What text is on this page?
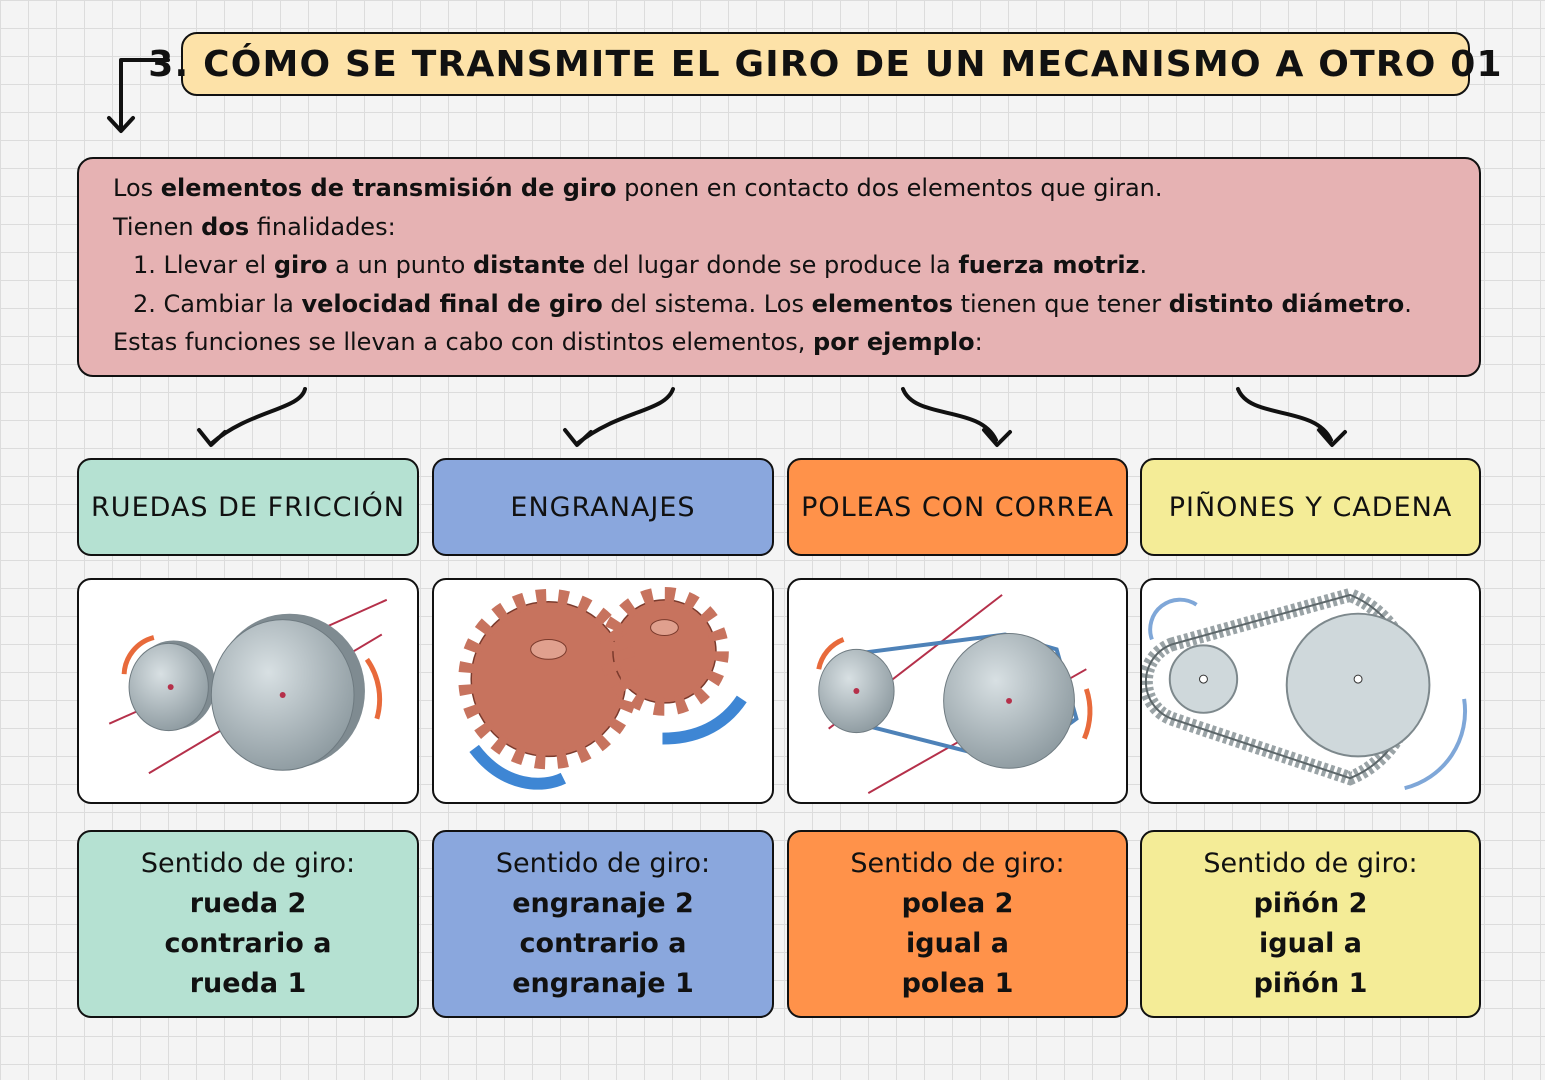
3. CÓMO SE TRANSMITE EL GIRO DE UN MECANISMO A OTRO 01

Los elementos de transmisión de giro ponen en contacto dos elementos que giran.

Tienen dos finalidades:

1. Llevar el giro a un punto distante del lugar donde se produce la fuerza motriz.

2. Cambiar la velocidad final de giro del sistema. Los elementos tienen que tener distinto diámetro.

Estas funciones se llevan a cabo con distintos elementos, por ejemplo:

RUEDAS DE FRICCIÓN	ENGRANAJES	POLEAS CON CORREA PIÑONES Y CADENA
Sentido de giro:
rueda 2
contrario a
rueda 1
Sentido de giro:
engranaje 2
contrario a
engranaje 1
Sentido de giro:
polea 2
igual a
polea 1
Sentido de giro:
piñón 2
igual a
piñón 1
